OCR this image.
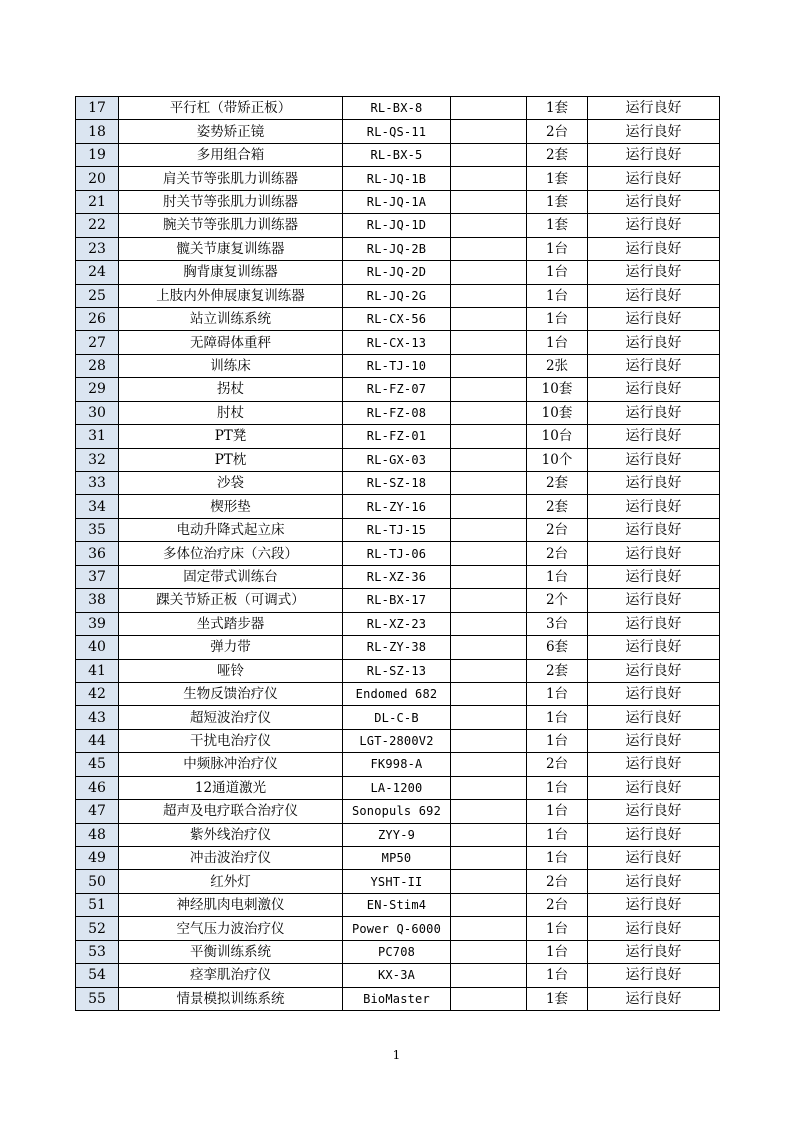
17	平行杠（带矫正板）	RL-BX-8		1套	运行良好
18	姿势矫正镜	RL-QS-11		2台	运行良好
19	多用组合箱	RL-BX-5		2套	运行良好
20	肩关节等张肌力训练器	RL-JQ-1B		1套	运行良好
21	肘关节等张肌力训练器	RL-JQ-1A		1套	运行良好
22	腕关节等张肌力训练器	RL-JQ-1D		1套	运行良好
23	髋关节康复训练器	RL-JQ-2B		1台	运行良好
24	胸背康复训练器	RL-JQ-2D		1台	运行良好
25	上肢内外伸展康复训练器	RL-JQ-2G		1台	运行良好
26	站立训练系统	RL-CX-56		1台	运行良好
27	无障碍体重秤	RL-CX-13		1台	运行良好
28	训练床	RL-TJ-10		2张	运行良好
29	拐杖	RL-FZ-07		10套	运行良好
30	肘杖	RL-FZ-08		10套	运行良好
31	PT凳	RL-FZ-01		10台	运行良好
32	PT枕	RL-GX-03		10个	运行良好
33	沙袋	RL-SZ-18		2套	运行良好
34	楔形垫	RL-ZY-16		2套	运行良好
35	电动升降式起立床	RL-TJ-15		2台	运行良好
36	多体位治疗床（六段）	RL-TJ-06		2台	运行良好
37	固定带式训练台	RL-XZ-36		1台	运行良好
38	踝关节矫正板（可调式）	RL-BX-17		2个	运行良好
39	坐式踏步器	RL-XZ-23		3台	运行良好
40	弹力带	RL-ZY-38		6套	运行良好
41	哑铃	RL-SZ-13		2套	运行良好
42	生物反馈治疗仪	Endomed 682		1台	运行良好
43	超短波治疗仪	DL-C-B		1台	运行良好
44	干扰电治疗仪	LGT-2800V2		1台	运行良好
45	中频脉冲治疗仪	FK998-A		2台	运行良好
46	12通道激光	LA-1200		1台	运行良好
47	超声及电疗联合治疗仪	Sonopuls 692		1台	运行良好
48	紫外线治疗仪	ZYY-9		1台	运行良好
49	冲击波治疗仪	MP50		1台	运行良好
50	红外灯	YSHT-II		2台	运行良好
51	神经肌肉电刺激仪	EN-Stim4		2台	运行良好
52	空气压力波治疗仪	Power Q-6000		1台	运行良好
53	平衡训练系统	PC708		1台	运行良好
54	痉挛肌治疗仪	KX-3A		1台	运行良好
55	情景模拟训练系统	BioMaster		1套	运行良好
1
